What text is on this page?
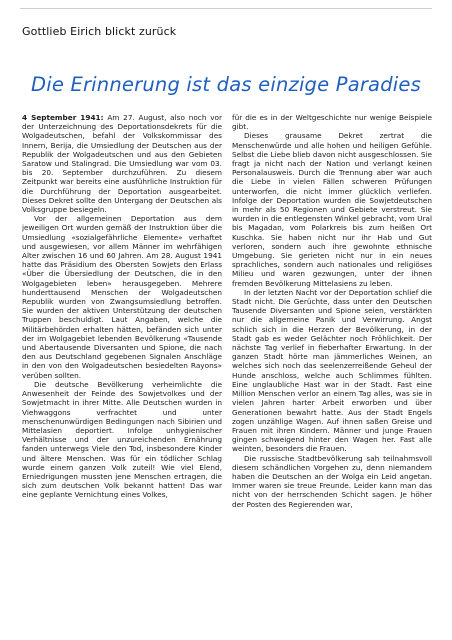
Gottlieb Eirich blickt zurück
Die Erinnerung ist das einzige Paradies

4 September 1941: Am 27. August, also noch vor der Unterzeichnung des Deportationsdekrets für die Wolgadeutschen, befahl der Volkskommissar des Innern, Berija, die Umsiedlung der Deutschen aus der Republik der Wolgadeutschen und aus den Gebieten Saratow und Stalingrad. Die Umsiedlung war vom 03. bis 20. September durchzuführen. Zu diesem Zeitpunkt war bereits eine ausführliche Instruktion für die Durchführung der Deportation ausgearbeitet. Dieses Dekret sollte den Untergang der Deutschen als Volksgruppe besiegeln.

Vor der allgemeinen Deportation aus dem jeweiligen Ort wurden gemäß der Instruktion über die Umsiedlung «sozialgefährliche Elemente» verhaftet und ausgewiesen, vor allem Männer im wehrfähigen Alter zwischen 16 und 60 Jahren. Am 28. August 1941 hatte das Präsidium des Obersten Sowjets den Erlass «Über die Übersiedlung der Deutschen, die in den Wolgagebieten leben» herausgegeben. Mehrere hunderttausend Menschen der Wolgadeutschen Republik wurden von Zwangsumsiedlung betroffen. Sie wurden der aktiven Unterstützung der deutschen Truppen beschuldigt. Laut Angaben, welche die Militärbehörden erhalten hätten, befänden sich unter der im Wolgagebiet lebenden Bevölkerung «Tausende und Abertausende Diversanten und Spione, die nach den aus Deutschland gegebenen Signalen Anschläge in den von den Wolgadeutschen besiedelten Rayons» verüben sollten.

Die deutsche Bevölkerung verheimlichte die Anwesenheit der Feinde des Sowjetvolkes und der Sowjetmacht in ihrer Mitte. Alle Deutschen wurden in Viehwaggons verfrachtet und unter menschenunwürdigen Bedingungen nach Sibirien und Mittelasien deportiert. Infolge unhygienischer Verhältnisse und der unzureichenden Ernährung fanden unterwegs Viele den Tod, insbesondere Kinder und ältere Menschen. Was für ein tödlicher Schlag wurde einem ganzen Volk zuteil! Wie viel Elend, Erniedrigungen mussten jene Menschen ertragen, die sich zum deutschen Volk bekannt hatten! Das war eine geplante Vernichtung eines Volkes,

für die es in der Weltgeschichte nur wenige Beispiele gibt.

Dieses grausame Dekret zertrat die Menschenwürde und alle hohen und heiligen Gefühle. Selbst die Liebe blieb davon nicht ausgeschlossen. Sie fragt ja nicht nach der Nation und verlangt keinen Personalausweis. Durch die Trennung aber war auch die Liebe in vielen Fällen schweren Prüfungen unterworfen, die nicht immer glücklich verliefen. Infolge der Deportation wurden die Sowjetdeutschen in mehr als 50 Regionen und Gebiete verstreut. Sie wurden in die entlegensten Winkel gebracht, vom Ural bis Magadan, vom Polarkreis bis zum heißen Ort Kuschka. Sie haben nicht nur ihr Hab und Gut verloren, sondern auch ihre gewohnte ethnische Umgebung. Sie gerieten nicht nur in ein neues sprachliches, sondern auch nationales und religiöses Milieu und waren gezwungen, unter der ihnen fremden Bevölkerung Mittelasiens zu leben.

In der letzten Nacht vor der Deportation schlief die Stadt nicht. Die Gerüchte, dass unter den Deutschen Tausende Diversanten und Spione seien, verstärkten nur die allgemeine Panik und Verwirrung. Angst schlich sich in die Herzen der Bevölkerung, in der Stadt gab es weder Gelächter noch Fröhlichkeit. Der nächste Tag verlief in fieberhafter Erwartung. In der ganzen Stadt hörte man jämmerliches Weinen, an welches sich noch das seelenzerreißende Geheul der Hunde anschloss, welche auch Schlimmes fühlten. Eine unglaubliche Hast war in der Stadt. Fast eine Million Menschen verlor an einem Tag alles, was sie in vielen Jahren harter Arbeit erworben und über Generationen bewahrt hatte. Aus der Stadt Engels zogen unzählige Wagen. Auf ihnen saßen Greise und Frauen mit ihren Kindern. Männer und junge Frauen gingen schweigend hinter den Wagen her. Fast alle weinten, besonders die Frauen.

Die russische Stadtbevölkerung sah teilnahmsvoll diesem schändlichen Vorgehen zu, denn niemandem haben die Deutschen an der Wolga ein Leid angetan. Immer waren sie treue Freunde. Leider kann man das nicht von der herrschenden Schicht sagen. Je höher der Posten des Regierenden war,
